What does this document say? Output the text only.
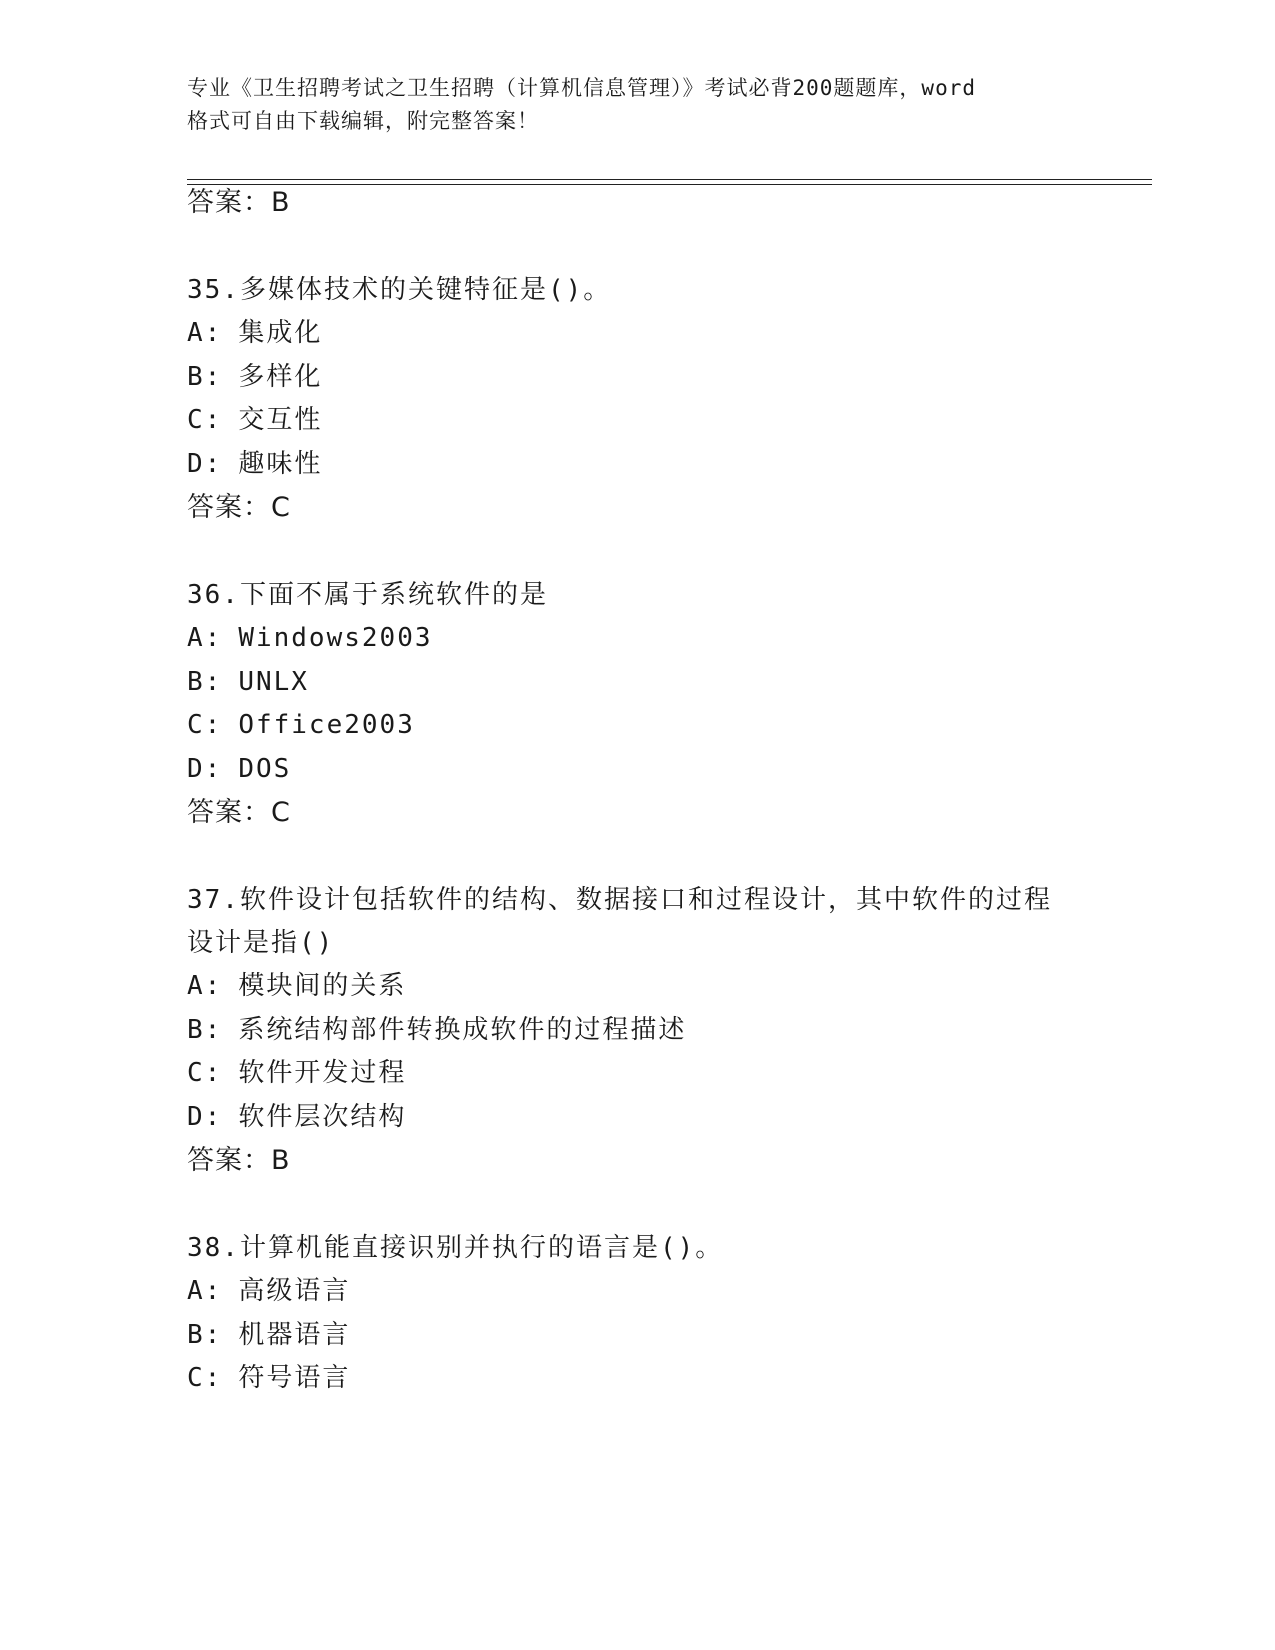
专业《卫生招聘考试之卫生招聘（计算机信息管理）》考试必背200题题库，word
格式可自由下载编辑，附完整答案！
答案：B
35.多媒体技术的关键特征是()。
A: 集成化
B: 多样化
C: 交互性
D: 趣味性
答案：C
36.下面不属于系统软件的是
A: Windows2003
B: UNLX
C: Office2003
D: DOS
答案：C
37.软件设计包括软件的结构、数据接口和过程设计，其中软件的过程
设计是指()
A: 模块间的关系
B: 系统结构部件转换成软件的过程描述
C: 软件开发过程
D: 软件层次结构
答案：B
38.计算机能直接识别并执行的语言是()。
A: 高级语言
B: 机器语言
C: 符号语言
